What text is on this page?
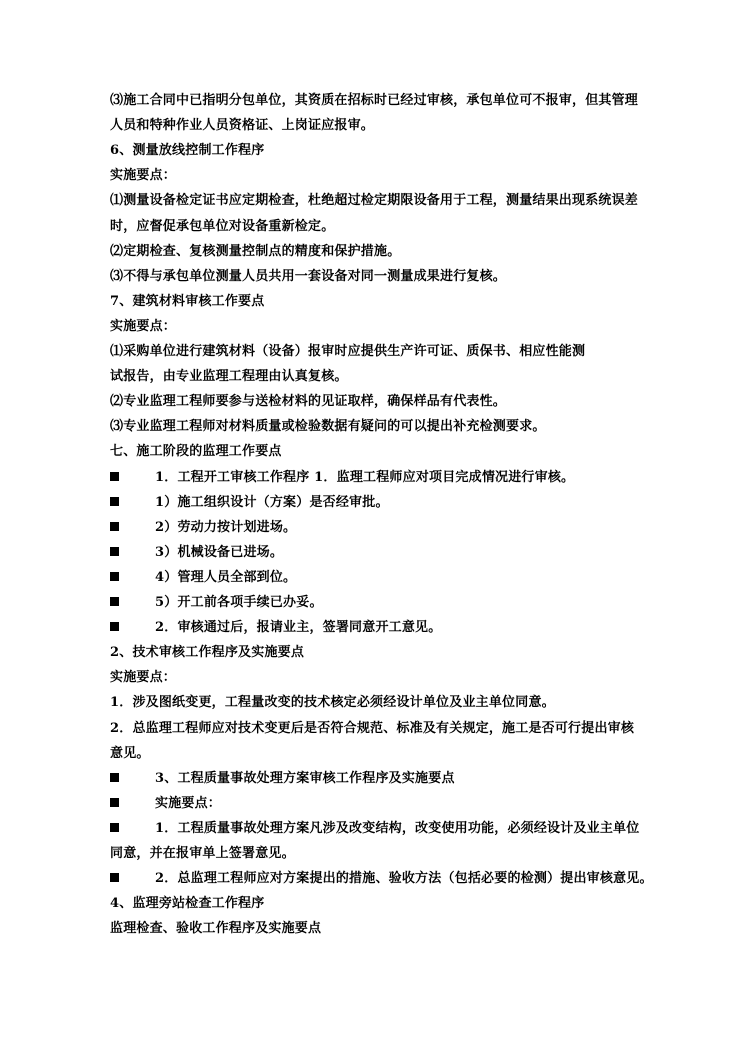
⑶施工合同中已指明分包单位，其资质在招标时已经过审核，承包单位可不报审，但其管理
人员和特种作业人员资格证、上岗证应报审。
6、测量放线控制工作程序
实施要点：
⑴测量设备检定证书应定期检查，杜绝超过检定期限设备用于工程，测量结果出现系统误差
时，应督促承包单位对设备重新检定。
⑵定期检查、复核测量控制点的精度和保护措施。
⑶不得与承包单位测量人员共用一套设备对同一测量成果进行复核。
7、建筑材料审核工作要点
实施要点：
⑴采购单位进行建筑材料（设备）报审时应提供生产许可证、质保书、相应性能测
试报告，由专业监理工程理由认真复核。
⑵专业监理工程师要参与送检材料的见证取样，确保样品有代表性。
⑶专业监理工程师对材料质量或检验数据有疑问的可以提出补充检测要求。
七、施工阶段的监理工作要点
1．工程开工审核工作程序 1．监理工程师应对项目完成情况进行审核。
1）施工组织设计（方案）是否经审批。
2）劳动力按计划进场。
3）机械设备已进场。
4）管理人员全部到位。
5）开工前各项手续已办妥。
2．审核通过后，报请业主，签署同意开工意见。
2、技术审核工作程序及实施要点
实施要点：
1．涉及图纸变更，工程量改变的技术核定必须经设计单位及业主单位同意。
2．总监理工程师应对技术变更后是否符合规范、标准及有关规定，施工是否可行提出审核
意见。
3、工程质量事故处理方案审核工作程序及实施要点
实施要点：
1．工程质量事故处理方案凡涉及改变结构，改变使用功能，必须经设计及业主单位
同意，并在报审单上签署意见。
2．总监理工程师应对方案提出的措施、验收方法（包括必要的检测）提出审核意见。
4、监理旁站检查工作程序
监理检查、验收工作程序及实施要点
